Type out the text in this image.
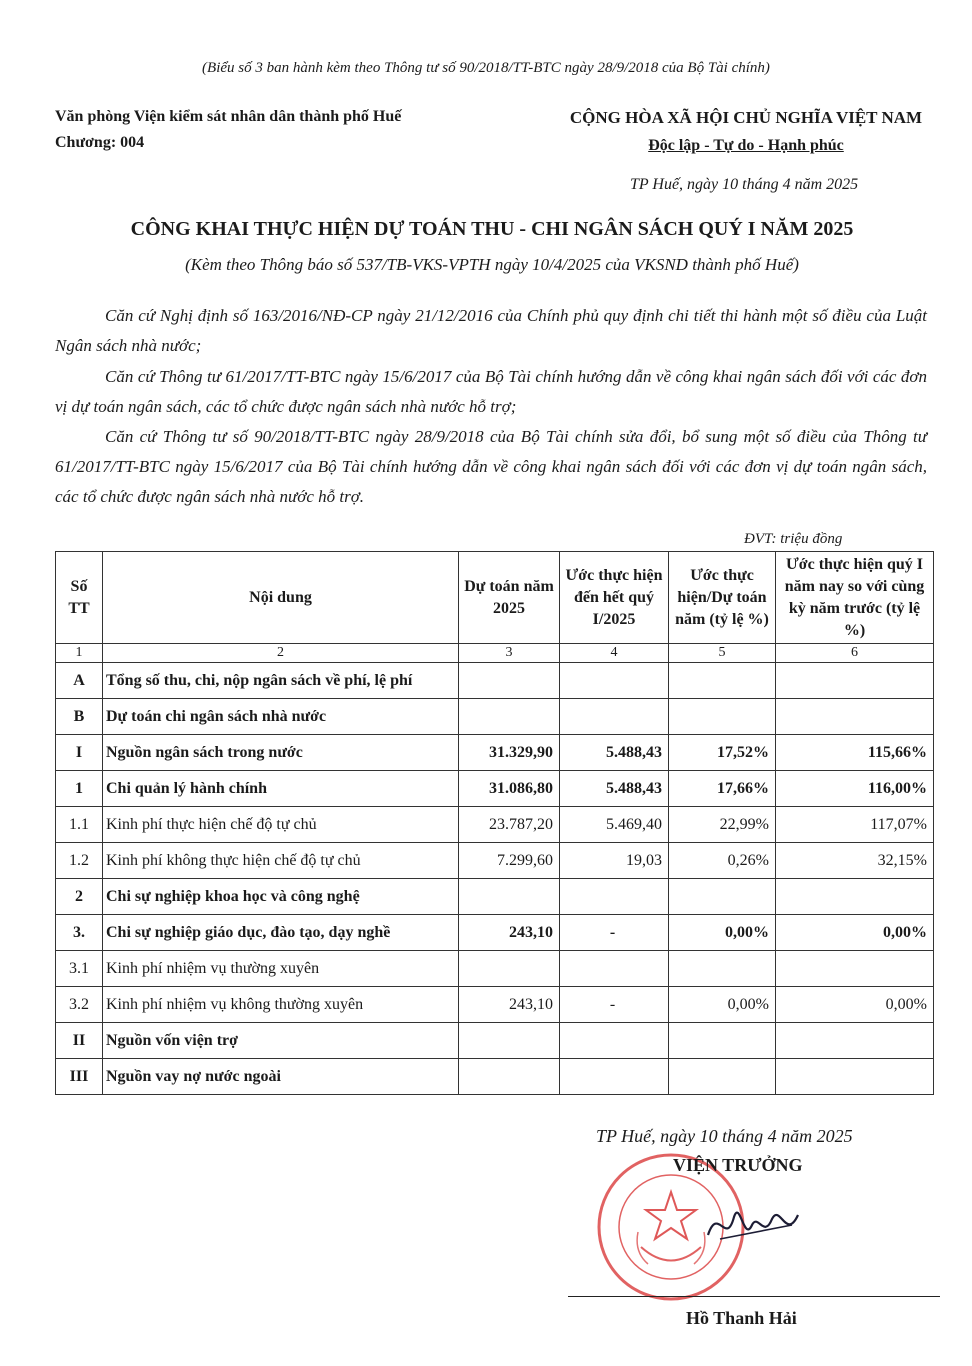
(Biểu số 3 ban hành kèm theo Thông tư số 90/2018/TT-BTC ngày 28/9/2018 của Bộ Tài chính)
Văn phòng Viện kiểm sát nhân dân thành phố Huế
Chương: 004
CỘNG HÒA XÃ HỘI CHỦ NGHĨA VIỆT NAM
Độc lập - Tự do - Hạnh phúc
TP Huế, ngày 10 tháng 4 năm 2025
CÔNG KHAI THỰC HIỆN DỰ TOÁN THU - CHI NGÂN SÁCH QUÝ I NĂM 2025
(Kèm theo Thông báo số 537/TB-VKS-VPTH ngày 10/4/2025 của VKSND thành phố Huế)
Căn cứ Nghị định số 163/2016/NĐ-CP ngày 21/12/2016 của Chính phủ quy định chi tiết thi hành một số điều của Luật Ngân sách nhà nước;
Căn cứ Thông tư 61/2017/TT-BTC ngày 15/6/2017 của Bộ Tài chính hướng dẫn về công khai ngân sách đối với các đơn vị dự toán ngân sách, các tổ chức được ngân sách nhà nước hỗ trợ;
Căn cứ Thông tư số 90/2018/TT-BTC ngày 28/9/2018 của Bộ Tài chính sửa đổi, bổ sung một số điều của Thông tư 61/2017/TT-BTC ngày 15/6/2017 của Bộ Tài chính hướng dẫn về công khai ngân sách đối với các đơn vị dự toán ngân sách, các tổ chức được ngân sách nhà nước hỗ trợ.
ĐVT: triệu đồng
Số TT	Nội dung	Dự toán năm 2025	Ước thực hiện đến hết quý I/2025	Ước thực hiện/Dự toán năm (tỷ lệ %)	Ước thực hiện quý I năm nay so với cùng kỳ năm trước (tỷ lệ %)
1	2	3	4	5	6
A	Tổng số thu, chi, nộp ngân sách về phí, lệ phí				
B	Dự toán chi ngân sách nhà nước				
I	Nguồn ngân sách trong nước	31.329,90	5.488,43	17,52%	115,66%
1	Chi quản lý hành chính	31.086,80	5.488,43	17,66%	116,00%
1.1	Kinh phí thực hiện chế độ tự chủ	23.787,20	5.469,40	22,99%	117,07%
1.2	Kinh phí không thực hiện chế độ tự chủ	7.299,60	19,03	0,26%	32,15%
2	Chi sự nghiệp khoa học và công nghệ				
3.	Chi sự nghiệp giáo dục, đào tạo, dạy nghề	243,10	-	0,00%	0,00%
3.1	Kinh phí nhiệm vụ thường xuyên				
3.2	Kinh phí nhiệm vụ không thường xuyên	243,10	-	0,00%	0,00%
II	Nguồn vốn viện trợ				
III	Nguồn vay nợ nước ngoài				
TP Huế, ngày 10 tháng 4 năm 2025
VIỆN TRƯỞNG
Hồ Thanh Hải
